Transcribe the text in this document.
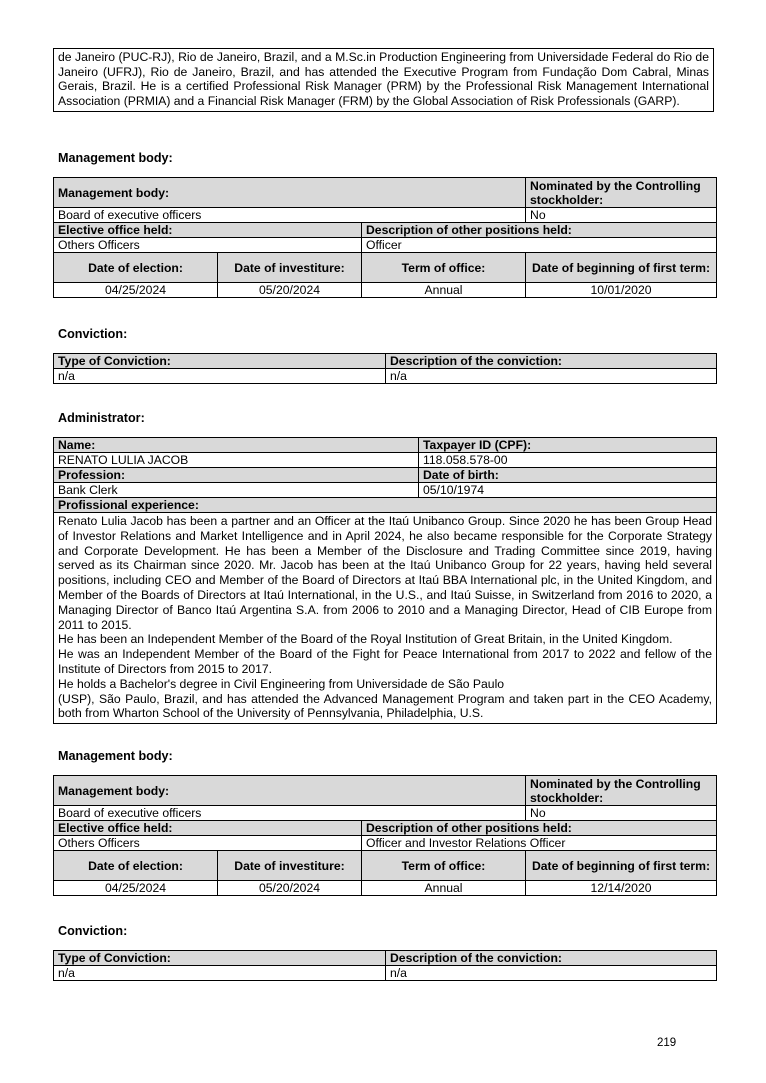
de Janeiro (PUC-RJ), Rio de Janeiro, Brazil, and a M.Sc.in Production Engineering from Universidade Federal do Rio de Janeiro (UFRJ), Rio de Janeiro, Brazil, and has attended the Executive Program from Fundação Dom Cabral, Minas Gerais, Brazil. He is a certified Professional Risk Manager (PRM) by the Professional Risk Management International Association (PRMIA) and a Financial Risk Manager (FRM) by the Global Association of Risk Professionals (GARP).
Management body:
Management body:			Nominated by the Controlling stockholder:
Board of executive officers			No
Elective office held:		Description of other positions held:	
Others Officers		Officer	
Date of election:	Date of investiture:	Term of office:	Date of beginning of first term:
04/25/2024	05/20/2024	Annual	10/01/2020
Conviction:
Type of Conviction:	Description of the conviction:
n/a	n/a
Administrator:
Name:	Taxpayer ID (CPF):
RENATO LULIA JACOB	118.058.578-00
Profession:	Date of birth:
Bank Clerk	05/10/1974
Profissional experience:	

Renato Lulia Jacob has been a partner and an Officer at the Itaú Unibanco Group. Since 2020 he has been Group Head of Investor Relations and Market Intelligence and in April 2024, he also became responsible for the Corporate Strategy and Corporate Development. He has been a Member of the Disclosure and Trading Committee since 2019, having served as its Chairman since 2020. Mr. Jacob has been at the Itaú Unibanco Group for 22 years, having held several positions, including CEO and Member of the Board of Directors at Itaú BBA International plc, in the United Kingdom, and Member of the Boards of Directors at Itaú International, in the U.S., and Itaú Suisse, in Switzerland from 2016 to 2020, a Managing Director of Banco Itaú Argentina S.A. from 2006 to 2010 and a Managing Director, Head of CIB Europe from 2011 to 2015.
He has been an Independent Member of the Board of the Royal Institution of Great Britain, in the United Kingdom.
He was an Independent Member of the Board of the Fight for Peace International from 2017 to 2022 and fellow of the Institute of Directors from 2015 to 2017.
He holds a Bachelor's degree in Civil Engineering from Universidade de São Paulo
(USP), São Paulo, Brazil, and has attended the Advanced Management Program and taken part in the CEO Academy, both from Wharton School of the University of Pennsylvania, Philadelphia, U.S.	
Management body:
Management body:			Nominated by the Controlling stockholder:
Board of executive officers			No
Elective office held:		Description of other positions held:	
Others Officers		Officer and Investor Relations Officer	
Date of election:	Date of investiture:	Term of office:	Date of beginning of first term:
04/25/2024	05/20/2024	Annual	12/14/2020
Conviction:
Type of Conviction:	Description of the conviction:
n/a	n/a
219
